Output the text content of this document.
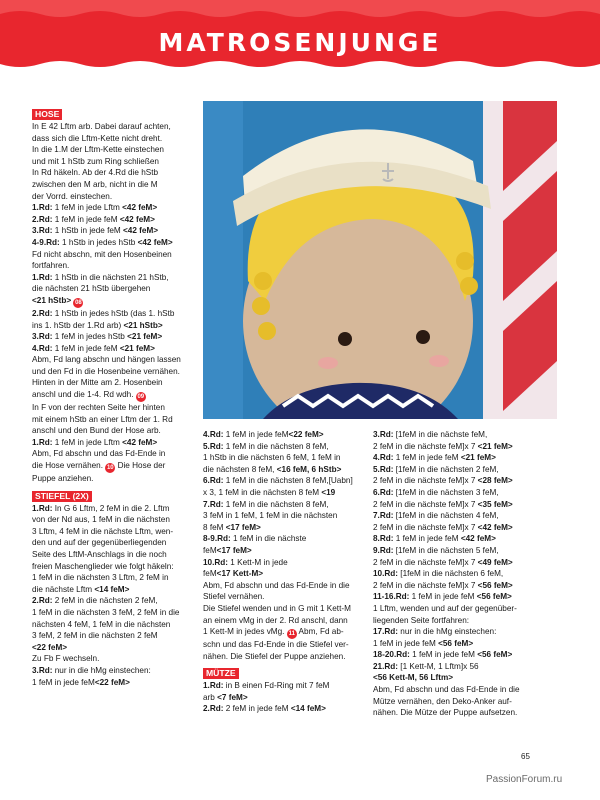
MATROSENJUNGE
HOSE

In E 42 Lftm arb. Dabei darauf achten,

dass sich die Lftm-Kette nicht dreht.

In die 1.M der Lftm-Kette einstechen

und mit 1 hStb zum Ring schließen

In Rd häkeln. Ab der 4.Rd die hStb

zwischen den M arb, nicht in die M

der Vorrd. einstechen.

1.Rd: 1 feM in jede Lftm <42 feM>

2.Rd: 1 feM in jede feM <42 feM>

3.Rd: 1 hStb in jede feM <42 feM>

4-9.Rd: 1 hStb in jedes hStb <42 feM>

Fd nicht abschn, mit den Hosenbeinen

fortfahren.

1.Rd: 1 hStb in die nächsten 21 hStb,

die nächsten 21 hStb übergehen

<21 hStb> 08

2.Rd: 1 hStb in jedes hStb (das 1. hStb

ins 1. hStb der 1.Rd arb) <21 hStb>

3.Rd: 1 feM in jedes hStb <21 feM>

4.Rd: 1 feM in jede feM <21 feM>

Abm, Fd lang abschn und hängen lassen

und den Fd in die Hosenbeine vernähen.

Hinten in der Mitte am 2. Hosenbein

anschl und die 1-4. Rd wdh. 09

In F von der rechten Seite her hinten

mit einem hStb an einer Lftm der 1. Rd

anschl und den Bund der Hose arb.

1.Rd: 1 feM in jede Lftm <42 feM>

Abm, Fd abschn und das Fd-Ende in

die Hose vernähen. 10 Die Hose der

Puppe anziehen.

STIEFEL (2X)

1.Rd: In G 6 Lftm, 2 feM in die 2. Lftm

von der Nd aus, 1 feM in die nächsten

3 Lftm, 4 feM in die nächste Lftm, wen-

den und auf der gegenüberliegenden

Seite des LftM-Anschlags in die noch

freien Maschenglieder wie folgt häkeln:

1 feM in die nächsten 3 Lftm, 2 feM in

die nächste Lftm <14 feM>

2.Rd: 2 feM in die nächsten 2 feM,

1 feM in die nächsten 3 feM, 2 feM in die

nächsten 4 feM, 1 feM in die nächsten

3 feM, 2 feM in die nächsten 2 feM

<22 feM>

Zu Fb F wechseln.

3.Rd: nur in die hMg einstechen:

1 feM in jede feM<22 feM>

4.Rd: 1 feM in jede feM<22 feM>

5.Rd: 1 feM in die nächsten 8 feM,

1 hStb in die nächsten 6 feM, 1 feM in

die nächsten 8 feM, <16 feM, 6 hStb>

6.Rd: 1 feM in die nächsten 8 feM,[Uabn]

x 3, 1 feM in die nächsten 8 feM <19

7.Rd: 1 feM in die nächsten 8 feM,

3 feM in 1 feM, 1 feM in die nächsten

8 feM <17 feM>

8-9.Rd: 1 feM in die nächste

feM<17 feM>

10.Rd: 1 Kett-M in jede

feM<17 Kett-M>

Abm, Fd abschn und das Fd-Ende in die

Stiefel vernähen.

Die Stiefel wenden und in G mit 1 Kett-M

an einem vMg in der 2. Rd anschl, dann

1 Kett-M in jedes vMg. 11 Abm, Fd ab-

schn und das Fd-Ende in die Stiefel ver-

nähen. Die Stiefel der Puppe anziehen.

MÜTZE

1.Rd: in B einen Fd-Ring mit 7 feM

arb <7 feM>

2.Rd: 2 feM in jede feM <14 feM>

3.Rd: [1feM in die nächste feM,

2 feM in die nächste feM]x 7 <21 feM>

4.Rd: 1 feM in jede feM <21 feM>

5.Rd: [1feM in die nächsten 2 feM,

2 feM in die nächste feM]x 7 <28 feM>

6.Rd: [1feM in die nächsten 3 feM,

2 feM in die nächste feM]x 7 <35 feM>

7.Rd: [1feM in die nächsten 4 feM,

2 feM in die nächste feM]x 7 <42 feM>

8.Rd: 1 feM in jede feM <42 feM>

9.Rd: [1feM in die nächsten 5 feM,

2 feM in die nächste feM]x 7 <49 feM>

10.Rd: [1feM in die nächsten 6 feM,

2 feM in die nächste feM]x 7 <56 feM>

11-16.Rd: 1 feM in jede feM <56 feM>

1 Lftm, wenden und auf der gegenüber-

liegenden Seite fortfahren:

17.Rd: nur in die hMg einstechen:

1 feM in jede feM <56 feM>

18-20.Rd: 1 feM in jede feM <56 feM>

21.Rd: [1 Kett-M, 1 Lftm]x 56

<56 Kett-M, 56 Lftm>

Abm, Fd abschn und das Fd-Ende in die

Mütze vernähen, den Deko-Anker auf-

nähen. Die Mütze der Puppe aufsetzen.

65
PassionForum.ru
